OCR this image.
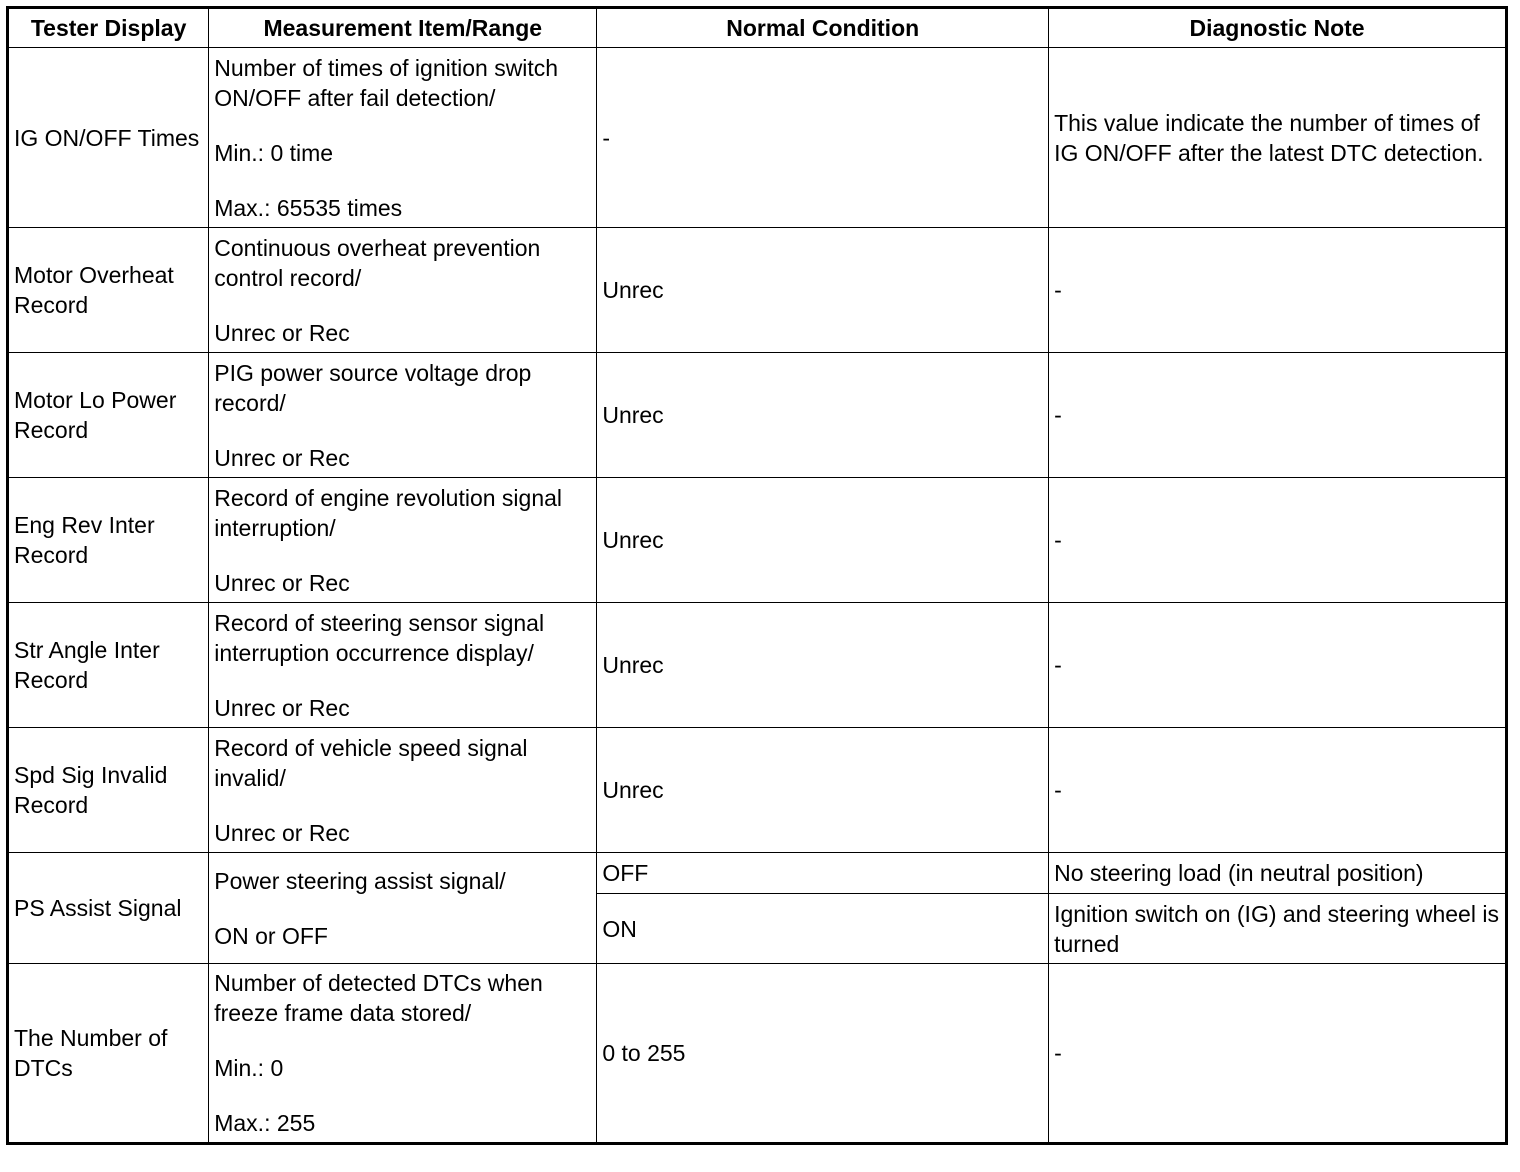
Tester Display	Measurement Item/Range	Normal Condition	Diagnostic Note
IG ON/OFF Times	Number of times of ignition switch ON/OFF after fail detection/

Min.: 0 time

Max.: 65535 times	-	This value indicate the number of times of IG ON/OFF after the latest DTC detection.
Motor Overheat Record	Continuous overheat prevention control record/

Unrec or Rec	Unrec	-
Motor Lo Power Record	PIG power source voltage drop record/

Unrec or Rec	Unrec	-
Eng Rev Inter Record	Record of engine revolution signal interruption/

Unrec or Rec	Unrec	-
Str Angle Inter Record	Record of steering sensor signal interruption occurrence display/

Unrec or Rec	Unrec	-
Spd Sig Invalid Record	Record of vehicle speed signal invalid/

Unrec or Rec	Unrec	-
PS Assist Signal	Power steering assist signal/

ON or OFF	OFF	No steering load (in neutral position)
		ON	Ignition switch on (IG) and steering wheel is turned
The Number of DTCs	Number of detected DTCs when freeze frame data stored/

Min.: 0

Max.: 255	0 to 255	-
